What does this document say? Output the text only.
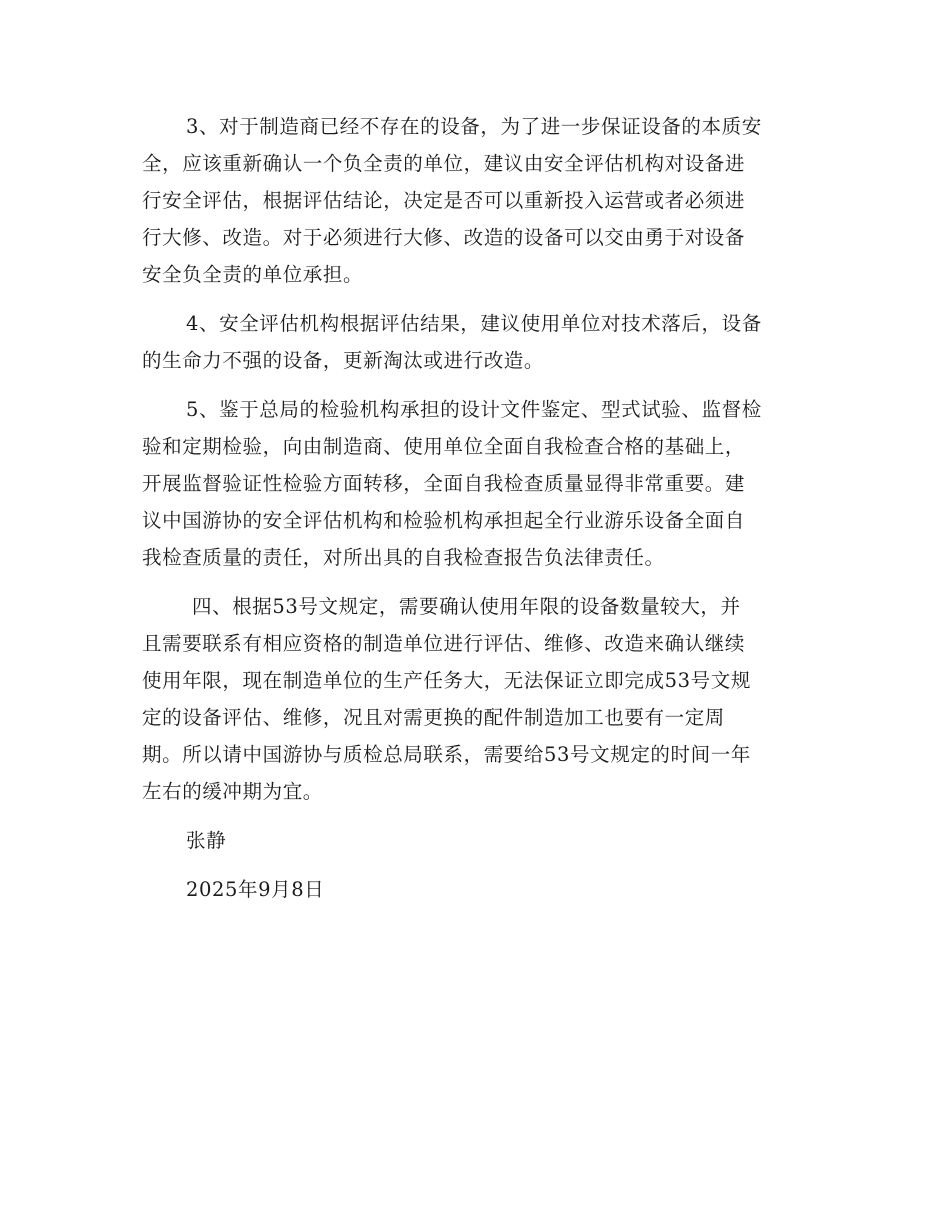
3、对于制造商已经不存在的设备，为了进一步保证设备的本质安
全，应该重新确认一个负全责的单位，建议由安全评估机构对设备进
行安全评估，根据评估结论，决定是否可以重新投入运营或者必须进
行大修、改造。对于必须进行大修、改造的设备可以交由勇于对设备
安全负全责的单位承担。
4、安全评估机构根据评估结果，建议使用单位对技术落后，设备
的生命力不强的设备，更新淘汰或进行改造。
5、鉴于总局的检验机构承担的设计文件鉴定、型式试验、监督检
验和定期检验，向由制造商、使用单位全面自我检查合格的基础上，
开展监督验证性检验方面转移，全面自我检查质量显得非常重要。建
议中国游协的安全评估机构和检验机构承担起全行业游乐设备全面自
我检查质量的责任，对所出具的自我检查报告负法律责任。
四、根据53号文规定，需要确认使用年限的设备数量较大，并
且需要联系有相应资格的制造单位进行评估、维修、改造来确认继续
使用年限，现在制造单位的生产任务大，无法保证立即完成53号文规
定的设备评估、维修，况且对需更换的配件制造加工也要有一定周
期。所以请中国游协与质检总局联系，需要给53号文规定的时间一年
左右的缓冲期为宜。
张静
2025年9月8日
